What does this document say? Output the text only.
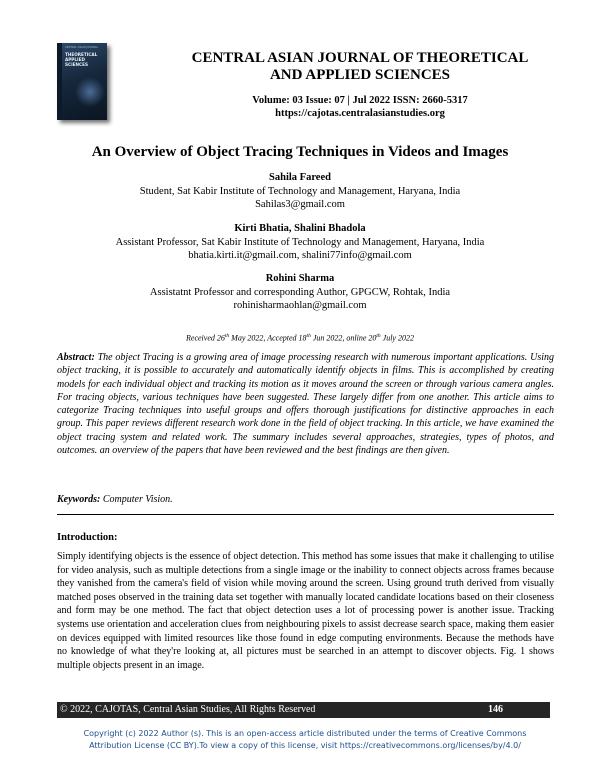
CENTRAL ASIAN JOURNAL
THEORETICAL APPLIED SCIENCES	CENTRAL ASIAN JOURNAL OF THEORETICAL
AND APPLIED SCIENCES
Volume: 03 Issue: 07 | Jul 2022 ISSN: 2660-5317
https://cajotas.centralasianstudies.org
An Overview of Object Tracing Techniques in Videos and Images
Sahila Fareed
Student, Sat Kabir Institute of Technology and Management, Haryana, India
Sahilas3@gmail.com
Kirti Bhatia, Shalini Bhadola
Assistant Professor, Sat Kabir Institute of Technology and Management, Haryana, India
bhatia.kirti.it@gmail.com, shalini77info@gmail.com
Rohini Sharma
Assistatnt Professor and corresponding Author, GPGCW, Rohtak, India
rohinisharmaohlan@gmail.com
Received 26th May 2022, Accepted 18th Jun 2022, online 20th July 2022
Abstract: The object Tracing is a growing area of image processing research with numerous important applications. Using object tracking, it is possible to accurately and automatically identify objects in films. This is accomplished by creating models for each individual object and tracking its motion as it moves around the screen or through various camera angles. For tracing objects, various techniques have been suggested. These largely differ from one another. This article aims to categorize Tracing techniques into useful groups and offers thorough justifications for distinctive approaches in each group. This paper reviews different research work done in the field of object tracking. In this article, we have examined the object tracing system and related work. The summary includes several approaches, strategies, types of photos, and outcomes. an overview of the papers that have been reviewed and the best findings are then given.
Keywords: Computer Vision.
Introduction:
Simply identifying objects is the essence of object detection. This method has some issues that make it challenging to utilise for video analysis, such as multiple detections from a single image or the inability to connect objects across frames because they vanished from the camera's field of vision while moving around the screen. Using ground truth derived from visually matched poses observed in the training data set together with manually located candidate locations based on their closeness and form may be one method. The fact that object detection uses a lot of processing power is another issue. Tracking systems use orientation and acceleration clues from neighbouring pixels to assist decrease search space, making them easier on devices equipped with limited resources like those found in edge computing environments. Because the methods have no knowledge of what they're looking at, all pictures must be searched in an attempt to discover objects. Fig. 1 shows multiple objects present in an image.
© 2022, CAJOTAS, Central Asian Studies, All Rights Reserved	146
Copyright (c) 2022 Author (s). This is an open-access article distributed under the terms of Creative Commons
Attribution License (CC BY).To view a copy of this license, visit https://creativecommons.org/licenses/by/4.0/
